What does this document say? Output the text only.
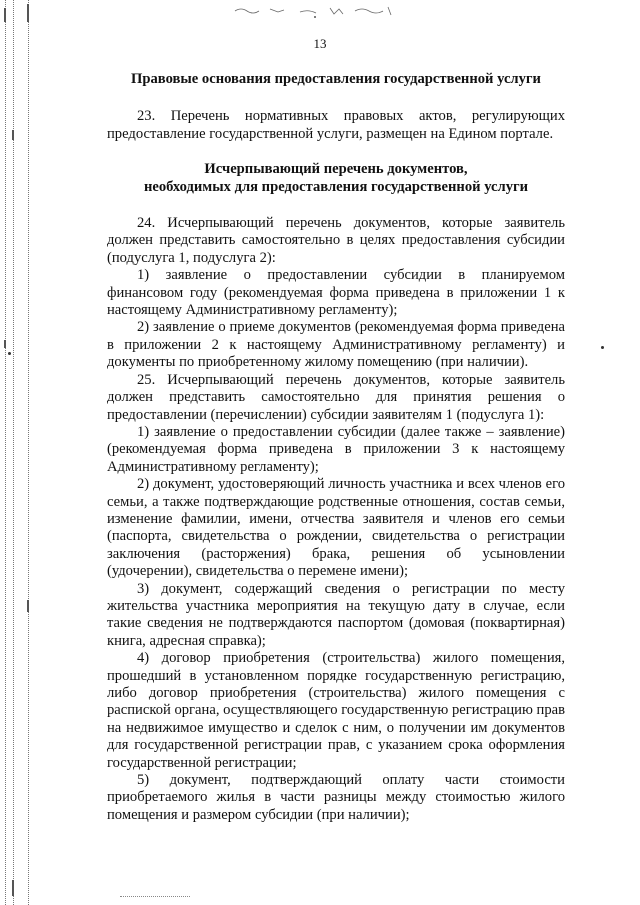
13

Правовые основания предоставления государственной услуги

23. Перечень нормативных правовых актов, регулирующих предоставление государственной услуги, размещен на Едином портале.

Исчерпывающий перечень документов,

необходимых для предоставления государственной услуги

24. Исчерпывающий перечень документов, которые заявитель должен представить самостоятельно в целях предоставления субсидии (подуслуга 1, подуслуга 2):

1) заявление о предоставлении субсидии в планируемом финансовом году (рекомендуемая форма приведена в приложении 1 к настоящему Административному регламенту);

2) заявление о приеме документов (рекомендуемая форма приведена в приложении 2 к настоящему Административному регламенту) и документы по приобретенному жилому помещению (при наличии).

25. Исчерпывающий перечень документов, которые заявитель должен представить самостоятельно для принятия решения о предоставлении (перечислении) субсидии заявителям 1 (подуслуга 1):

1) заявление о предоставлении субсидии (далее также – заявление) (рекомендуемая форма приведена в приложении 3 к настоящему Административному регламенту);

2) документ, удостоверяющий личность участника и всех членов его семьи, а также подтверждающие родственные отношения, состав семьи, изменение фамилии, имени, отчества заявителя и членов его семьи (паспорта, свидетельства о рождении, свидетельства о регистрации заключения (расторжения) брака, решения об усыновлении (удочерении), свидетельства о перемене имени);

3) документ, содержащий сведения о регистрации по месту жительства участника мероприятия на текущую дату в случае, если такие сведения не подтверждаются паспортом (домовая (поквартирная) книга, адресная справка);

4) договор приобретения (строительства) жилого помещения, прошедший в установленном порядке государственную регистрацию, либо договор приобретения (строительства) жилого помещения с распиской органа, осуществляющего государственную регистрацию прав на недвижимое имущество и сделок с ним, о получении им документов для государственной регистрации прав, с указанием срока оформления государственной регистрации;

5) документ, подтверждающий оплату части стоимости приобретаемого жилья в части разницы между стоимостью жилого помещения и размером субсидии (при наличии);
